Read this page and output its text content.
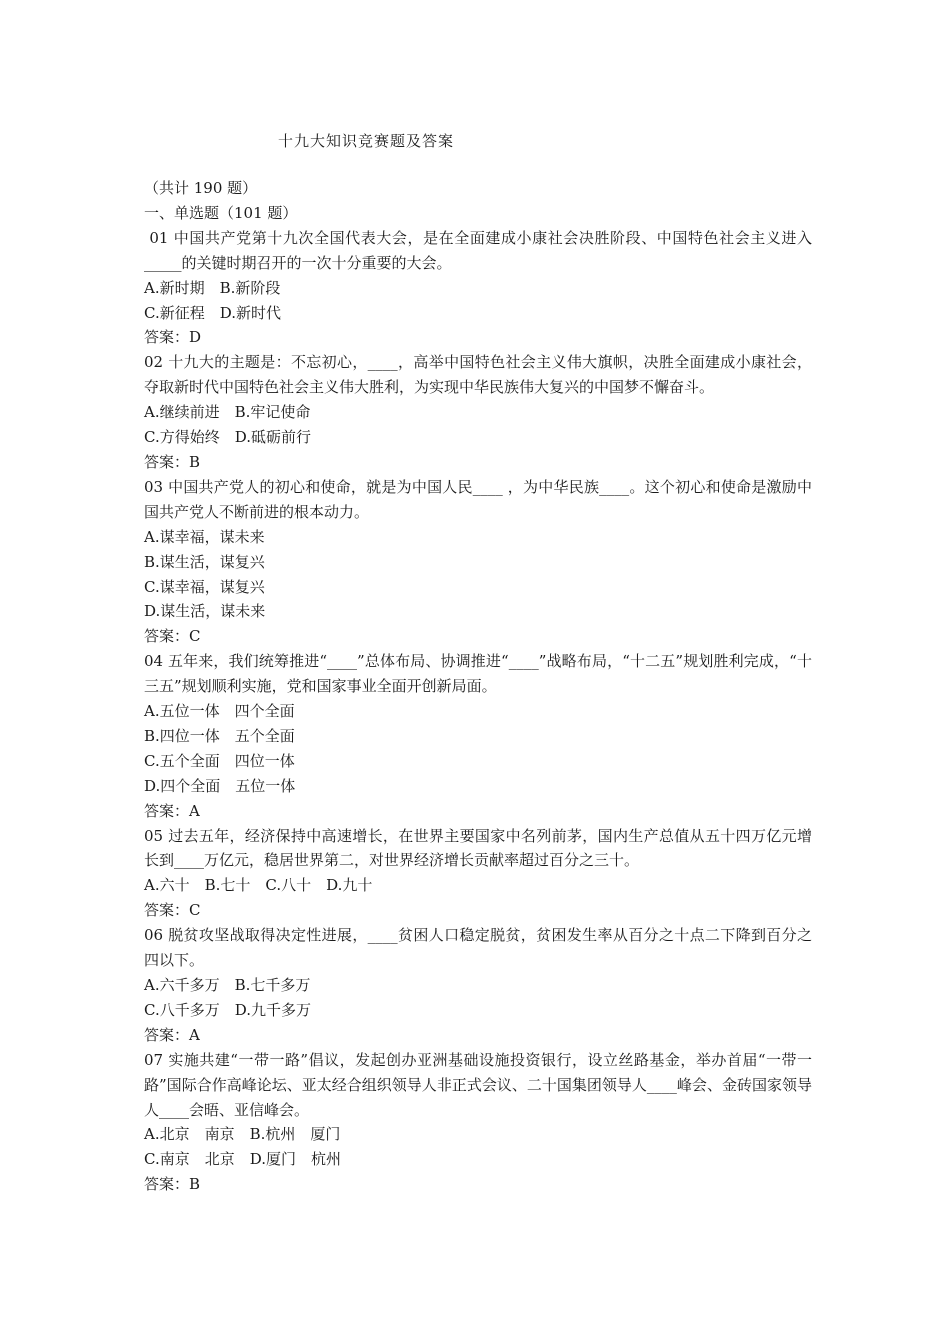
十九大知识竞赛题及答案
（共计 190 题）
一、单选题（101 题）
01 中国共产党第十九次全国代表大会，是在全面建成小康社会决胜阶段、中国特色社会主义进入_____的关键时期召开的一次十分重要的大会。
A.新时期　B.新阶段
C.新征程　D.新时代
答案：D
02 十九大的主题是：不忘初心，____，高举中国特色社会主义伟大旗帜，决胜全面建成小康社会，夺取新时代中国特色社会主义伟大胜利，为实现中华民族伟大复兴的中国梦不懈奋斗。
A.继续前进　B.牢记使命
C.方得始终　D.砥砺前行
答案：B
03 中国共产党人的初心和使命，就是为中国人民____ ，为中华民族____。这个初心和使命是激励中国共产党人不断前进的根本动力。
A.谋幸福，谋未来
B.谋生活，谋复兴
C.谋幸福，谋复兴
D.谋生活，谋未来
答案：C
04 五年来，我们统筹推进“____”总体布局、协调推进“____”战略布局，“十二五”规划胜利完成，“十三五”规划顺利实施，党和国家事业全面开创新局面。
A.五位一体　四个全面
B.四位一体　五个全面
C.五个全面　四位一体
D.四个全面　五位一体
答案：A
05 过去五年，经济保持中高速增长，在世界主要国家中名列前茅，国内生产总值从五十四万亿元增长到____万亿元，稳居世界第二，对世界经济增长贡献率超过百分之三十。
A.六十　B.七十　C.八十　D.九十
答案：C
06 脱贫攻坚战取得决定性进展，____贫困人口稳定脱贫，贫困发生率从百分之十点二下降到百分之四以下。
A.六千多万　B.七千多万
C.八千多万　D.九千多万
答案：A
07 实施共建“一带一路”倡议，发起创办亚洲基础设施投资银行，设立丝路基金，举办首届“一带一路”国际合作高峰论坛、亚太经合组织领导人非正式会议、二十国集团领导人____峰会、金砖国家领导人____会晤、亚信峰会。
A.北京　南京　B.杭州　厦门
C.南京　北京　D.厦门　杭州
答案：B
